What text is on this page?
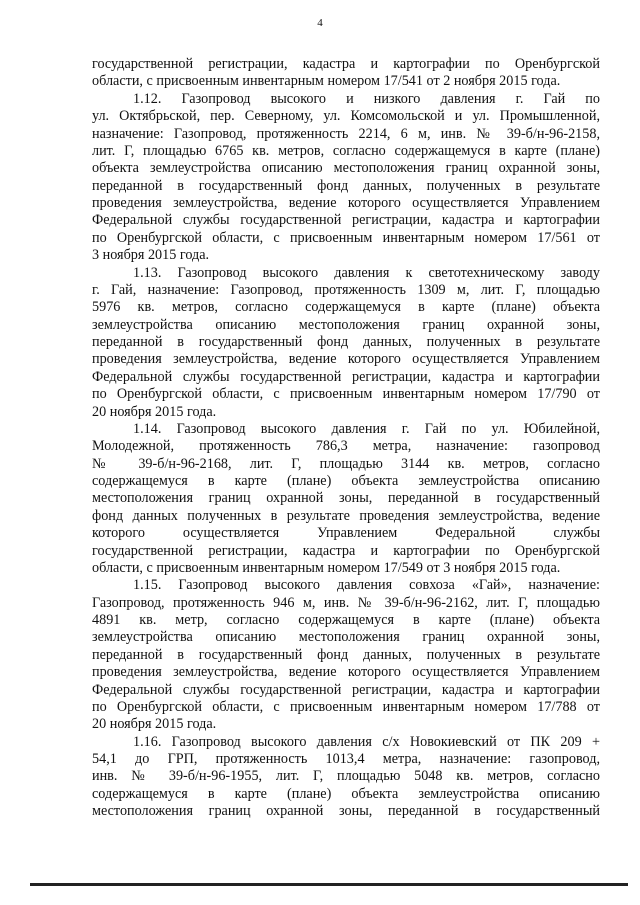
4
государственной регистрации, кадастра и картографии по Оренбургской
области, с присвоенным инвентарным номером 17/541 от 2 ноября 2015 года.
1.12. Газопровод высокого и низкого давления г. Гай по
ул. Октябрьской, пер. Северному, ул. Комсомольской и ул. Промышленной,
назначение: Газопровод, протяженность 2214, 6 м, инв. № 39-б/н-96-2158,
лит. Г, площадью 6765 кв. метров, согласно содержащемуся в карте (плане)
объекта землеустройства описанию местоположения границ охранной зоны,
переданной в государственный фонд данных, полученных в результате
проведения землеустройства, ведение которого осуществляется Управлением
Федеральной службы государственной регистрации, кадастра и картографии
по Оренбургской области, с присвоенным инвентарным номером 17/561 от
3 ноября 2015 года.
1.13. Газопровод высокого давления к светотехническому заводу
г. Гай, назначение: Газопровод, протяженность 1309 м, лит. Г, площадью
5976 кв. метров, согласно содержащемуся в карте (плане) объекта
землеустройства описанию местоположения границ охранной зоны,
переданной в государственный фонд данных, полученных в результате
проведения землеустройства, ведение которого осуществляется Управлением
Федеральной службы государственной регистрации, кадастра и картографии
по Оренбургской области, с присвоенным инвентарным номером 17/790 от
20 ноября 2015 года.
1.14. Газопровод высокого давления г. Гай по ул. Юбилейной,
Молодежной, протяженность 786,3 метра, назначение: газопровод
№ 39-б/н-96-2168, лит. Г, площадью 3144 кв. метров, согласно
содержащемуся в карте (плане) объекта землеустройства описанию
местоположения границ охранной зоны, переданной в государственный
фонд данных полученных в результате проведения землеустройства, ведение
которого осуществляется Управлением Федеральной службы
государственной регистрации, кадастра и картографии по Оренбургской
области, с присвоенным инвентарным номером 17/549 от 3 ноября 2015 года.
1.15. Газопровод высокого давления совхоза «Гай», назначение:
Газопровод, протяженность 946 м, инв. № 39-б/н-96-2162, лит. Г, площадью
4891 кв. метр, согласно содержащемуся в карте (плане) объекта
землеустройства описанию местоположения границ охранной зоны,
переданной в государственный фонд данных, полученных в результате
проведения землеустройства, ведение которого осуществляется Управлением
Федеральной службы государственной регистрации, кадастра и картографии
по Оренбургской области, с присвоенным инвентарным номером 17/788 от
20 ноября 2015 года.
1.16. Газопровод высокого давления с/х Новокиевский от ПК 209 +
54,1 до ГРП, протяженность 1013,4 метра, назначение: газопровод,
инв. № 39-б/н-96-1955, лит. Г, площадью 5048 кв. метров, согласно
содержащемуся в карте (плане) объекта землеустройства описанию
местоположения границ охранной зоны, переданной в государственный
